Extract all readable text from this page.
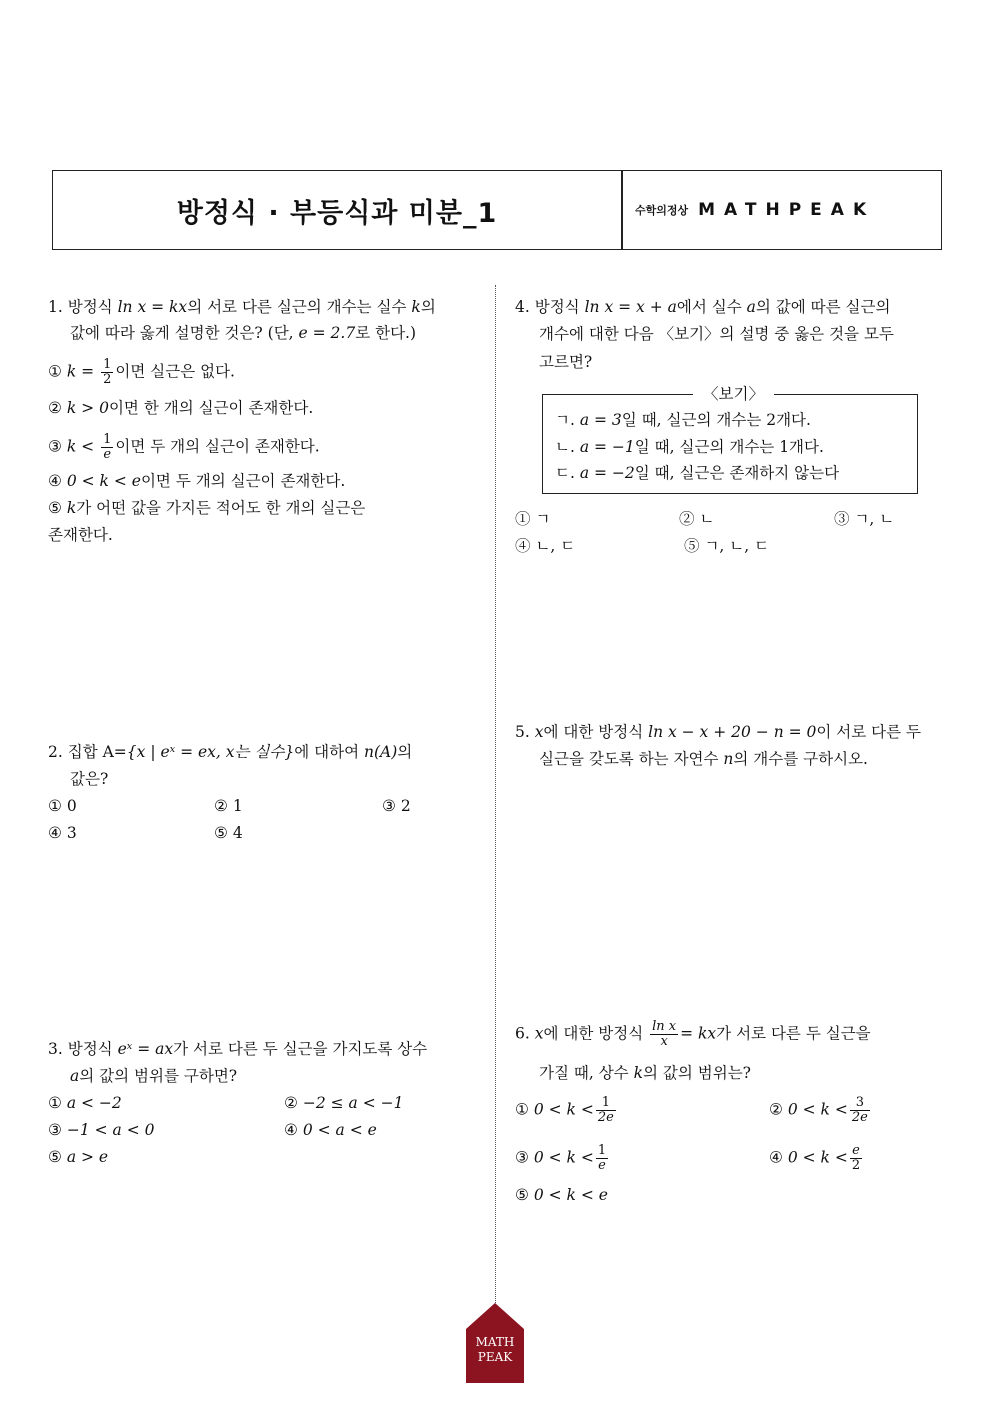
방정식 · 부등식과 미분_1	수학의정상 MATHPEAK
1. 방정식 ln x = kx의 서로 다른 실근의 개수는 실수 k의
값에 따라 옳게 설명한 것은? (단, e = 2.7로 한다.)
① $k = \frac{1}{2}$ 이면 실근은 없다.
② k > 0이면 한 개의 실근이 존재한다.
③ $k < \frac{1}{e}$ 이면 두 개의 실근이 존재한다.
④ 0 < k < e이면 두 개의 실근이 존재한다.
⑤ k가 어떤 값을 가지든 적어도 한 개의 실근은
존재한다.
2. 집합 A={x | eˣ = ex, x는 실수}에 대하여 n(A)의
값은?
① 0	② 1	③ 2
④ 3	⑤ 4
3. 방정식 eˣ = ax가 서로 다른 두 실근을 가지도록 상수
a의 값의 범위를 구하면?
① a < −2	② −2 ≤ a < −1
③ −1 < a < 0	④ 0 < a < e
⑤ a > e
4. 방정식 ln x = x + a에서 실수 a의 값에 따른 실근의
개수에 대한 다음 〈보기〉의 설명 중 옳은 것을 모두
고르면?
〈보기〉
ㄱ. a = 3일 때, 실근의 개수는 2개다.
ㄴ. a = −1일 때, 실근의 개수는 1개다.
ㄷ. a = −2일 때, 실근은 존재하지 않는다
① ㄱ	② ㄴ	③ ㄱ, ㄴ
④ ㄴ, ㄷ	⑤ ㄱ, ㄴ, ㄷ
5. x에 대한 방정식 ln x − x + 20 − n = 0이 서로 다른 두
실근을 갖도록 하는 자연수 n의 개수를 구하시오.
6. x에 대한 방정식 $\frac{\text{ln x}}{x}$ = kx가 서로 다른 두 실근을
가질 때, 상수 k의 값의 범위는?
① $0 < k < \frac{1}{2e}$	② $0 < k < \frac{3}{2e}$
③ $0 < k < \frac{1}{e}$	④ $0 < k < \frac{e}{2}$
⑤ 0 < k < e
MATH
PEAK
